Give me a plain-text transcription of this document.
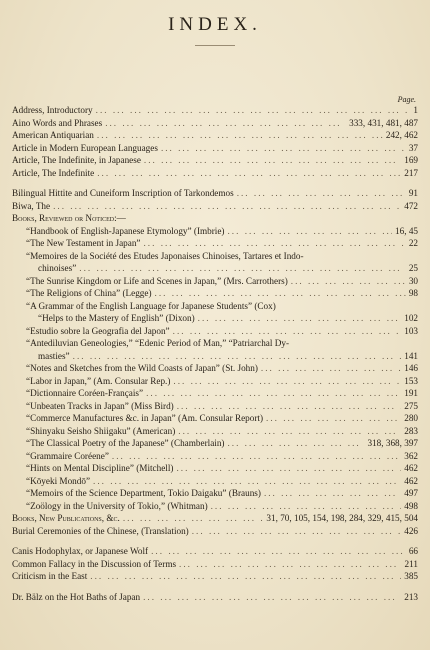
INDEX.
Page.
Address, Introductory ... .	1
Aino Words and Phrases ... .	333, 431, 481, 487
American Antiquarian ... .	242, 462
Article in Modern European Languages ... .	37
Article, The Indefinite, in Japanese ... .	169
Article, The Indefinite ... .	217
Bilingual Hittite and Cuneiform Inscription of Tarkondemos ... .	91
Biwa, The ... .	472
Books, Reviewed or Noticed:—
“Handbook of English-Japanese Etymology” (Imbrie) ... .	16, 45
“The New Testament in Japan” ... .	22
“Memoires de la Société des Etudes Japonaises Chinoises, Tartares et Indo-
chinoises” ... .	25
“The Sunrise Kingdom or Life and Scenes in Japan,” (Mrs. Carrothers) ... .	30
“The Religions of China” (Legge) ... .	98
“A Grammar of the English Language for Japanese Students” (Cox)
“Helps to the Mastery of English” (Dixon) ... .	102
“Estudio sobre la Geografia del Japon” ... .	103
“Antediluvian Geneologies,” “Edenic Period of Man,” “Patriarchal Dy-
masties” ... .	141
“Notes and Sketches from the Wild Coasts of Japan” (St. John) ... .	146
“Labor in Japan,” (Am. Consular Rep.) ... .	153
“Dictionnaire Coréen-Français” ... .	191
“Unbeaten Tracks in Japan” (Miss Bird) ... .	275
“Commerce Manufactures &c. in Japan” (Am. Consular Report) ... .	280
“Shinyaku Seisho Shiigaku” (American) ... .	283
“The Classical Poetry of the Japanese” (Chamberlain) ... .	318, 368, 397
“Grammaire Coréene” ... .	362
“Hints on Mental Discipline” (Mitchell) ... .	462
“Kōyeki Mondō” ... .	462
“Memoirs of the Science Department, Tokio Daigaku” (Brauns) ... .	497
“Zoölogy in the University of Tokio,” (Whitman) ... .	498
Books, New Publications, &c. ... .	31, 70, 105, 154, 198, 284, 329, 415, 504
Burial Ceremonies of the Chinese, (Translation) ... .	426
Canis Hodophylax, or Japanese Wolf ... .	66
Common Fallacy in the Discussion of Terms ... .	211
Criticism in the East ... .	385
Dr. Bälz on the Hot Baths of Japan ... .	213
